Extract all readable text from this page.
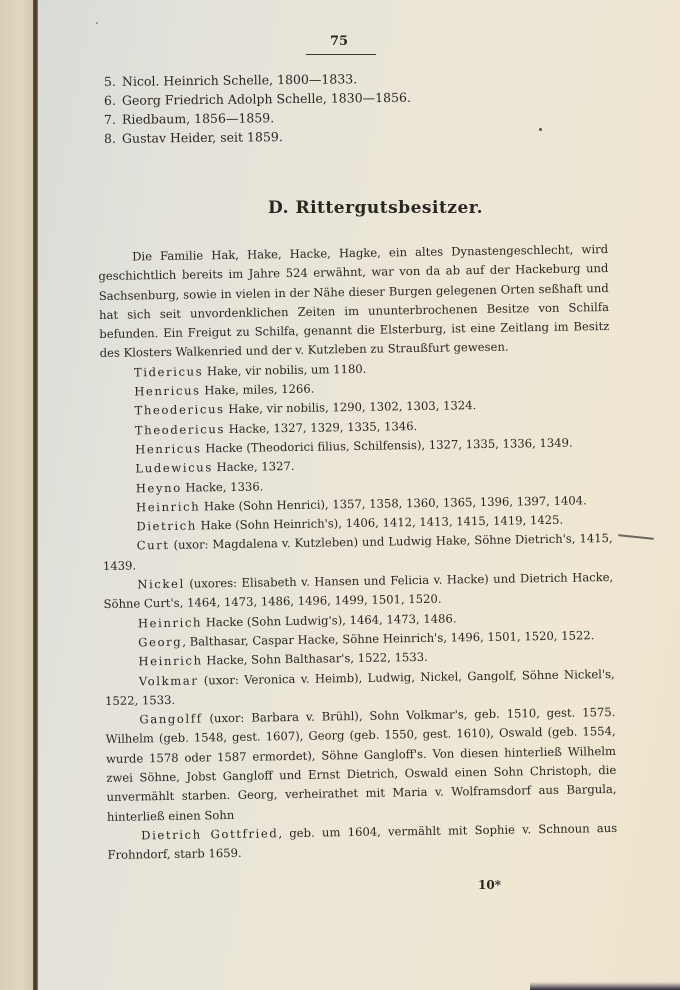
75
5. Nicol. Heinrich Schelle, 1800—1833.
6. Georg Friedrich Adolph Schelle, 1830—1856.
7. Riedbaum, 1856—1859.
8. Gustav Heider, seit 1859.
D. Rittergutsbesitzer.

Die Familie Hak, Hake, Hacke, Hagke, ein altes Dynastengeschlecht, wird geschichtlich bereits im Jahre 524 erwähnt, war von da ab auf der Hackeburg und Sachsenburg, sowie in vielen in der Nähe dieser Burgen gelegenen Orten seßhaft und hat sich seit unvordenklichen Zeiten im ununterbrochenen Besitze von Schilfa befunden. Ein Freigut zu Schilfa, genannt die Elsterburg, ist eine Zeitlang im Besitz des Klosters Walkenried und der v. Kutzleben zu Straußfurt gewesen.

Tidericus Hake, vir nobilis, um 1180.

Henricus Hake, miles, 1266.

Theodericus Hake, vir nobilis, 1290, 1302, 1303, 1324.

Theodericus Hacke, 1327, 1329, 1335, 1346.

Henricus Hacke (Theodorici filius, Schilfensis), 1327, 1335, 1336, 1349.

Ludewicus Hacke, 1327.

Heyno Hacke, 1336.

Heinrich Hake (Sohn Henrici), 1357, 1358, 1360, 1365, 1396, 1397, 1404.

Dietrich Hake (Sohn Heinrich's), 1406, 1412, 1413, 1415, 1419, 1425.

Curt (uxor: Magdalena v. Kutzleben) und Ludwig Hake, Söhne Dietrich's, 1415, 1439.

Nickel (uxores: Elisabeth v. Hansen und Felicia v. Hacke) und Dietrich Hacke, Söhne Curt's, 1464, 1473, 1486, 1496, 1499, 1501, 1520.

Heinrich Hacke (Sohn Ludwig's), 1464, 1473, 1486.

Georg, Balthasar, Caspar Hacke, Söhne Heinrich's, 1496, 1501, 1520, 1522.

Heinrich Hacke, Sohn Balthasar's, 1522, 1533.

Volkmar (uxor: Veronica v. Heimb), Ludwig, Nickel, Gangolf, Söhne Nickel's, 1522, 1533.

Gangolff (uxor: Barbara v. Brühl), Sohn Volkmar's, geb. 1510, gest. 1575. Wilhelm (geb. 1548, gest. 1607), Georg (geb. 1550, gest. 1610), Oswald (geb. 1554, wurde 1578 oder 1587 ermordet), Söhne Gangloff's. Von diesen hinterließ Wilhelm zwei Söhne, Jobst Gangloff und Ernst Dietrich, Oswald einen Sohn Christoph, die unvermählt starben. Georg, verheirathet mit Maria v. Wolframsdorf aus Bargula, hinterließ einen Sohn

Dietrich Gottfried, geb. um 1604, vermählt mit Sophie v. Schnoun aus Frohndorf, starb 1659.

10*
